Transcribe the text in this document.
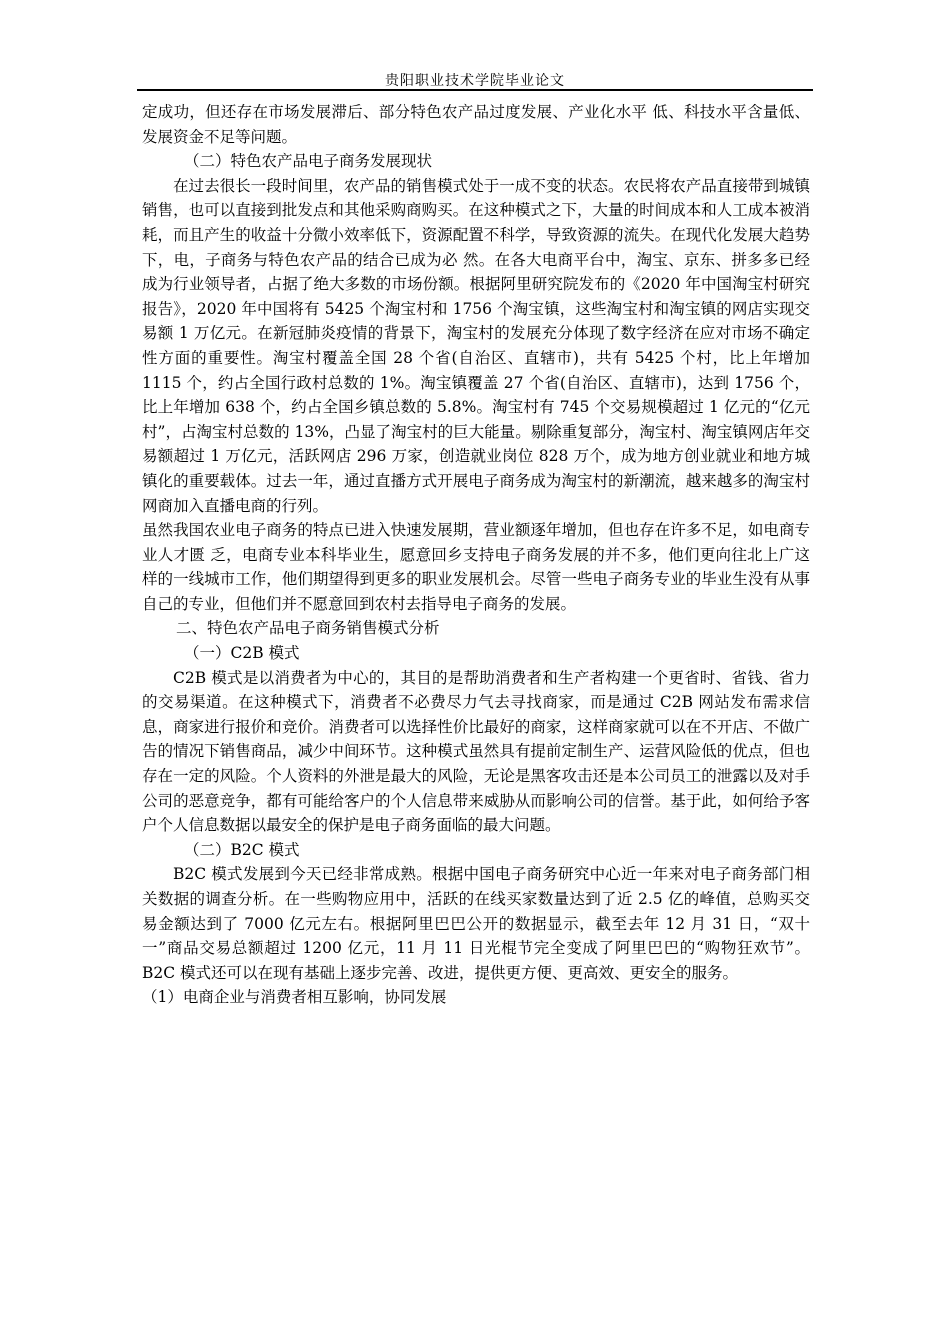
贵阳职业技术学院毕业论文

定成功，但还存在市场发展滞后、部分特色农产品过度发展、产业化水平 低、科技水平含量低、发展资金不足等问题。

（二）特色农产品电子商务发展现状

在过去很长一段时间里，农产品的销售模式处于一成不变的状态。农民将农产品直接带到城镇销售，也可以直接到批发点和其他采购商购买。在这种模式之下，大量的时间成本和人工成本被消耗，而且产生的收益十分微小效率低下，资源配置不科学，导致资源的流失。在现代化发展大趋势下，电，子商务与特色农产品的结合已成为必 然。在各大电商平台中，淘宝、京东、拼多多已经成为行业领导者，占据了绝大多数的市场份额。根据阿里研究院发布的《2020 年中国淘宝村研究报告》，2020 年中国将有 5425 个淘宝村和 1756 个淘宝镇，这些淘宝村和淘宝镇的网店实现交易额 1 万亿元。在新冠肺炎疫情的背景下，淘宝村的发展充分体现了数字经济在应对市场不确定性方面的重要性。淘宝村覆盖全国 28 个省(自治区、直辖市)，共有 5425 个村，比上年增加 1115 个，约占全国行政村总数的 1%。淘宝镇覆盖 27 个省(自治区、直辖市)，达到 1756 个，比上年增加 638 个，约占全国乡镇总数的 5.8%。淘宝村有 745 个交易规模超过 1 亿元的“亿元村”，占淘宝村总数的 13%，凸显了淘宝村的巨大能量。剔除重复部分，淘宝村、淘宝镇网店年交易额超过 1 万亿元，活跃网店 296 万家，创造就业岗位 828 万个，成为地方创业就业和地方城镇化的重要载体。过去一年，通过直播方式开展电子商务成为淘宝村的新潮流，越来越多的淘宝村网商加入直播电商的行列。

虽然我国农业电子商务的特点已进入快速发展期，营业额逐年增加，但也存在许多不足，如电商专业人才匮 乏，电商专业本科毕业生，愿意回乡支持电子商务发展的并不多，他们更向往北上广这样的一线城市工作，他们期望得到更多的职业发展机会。尽管一些电子商务专业的毕业生没有从事自己的专业，但他们并不愿意回到农村去指导电子商务的发展。

二、特色农产品电子商务销售模式分析

（一）C2B 模式

C2B 模式是以消费者为中心的，其目的是帮助消费者和生产者构建一个更省时、省钱、省力的交易渠道。在这种模式下，消费者不必费尽力气去寻找商家，而是通过 C2B 网站发布需求信息，商家进行报价和竞价。消费者可以选择性价比最好的商家，这样商家就可以在不开店、不做广告的情况下销售商品，减少中间环节。这种模式虽然具有提前定制生产、运营风险低的优点，但也存在一定的风险。个人资料的外泄是最大的风险，无论是黑客攻击还是本公司员工的泄露以及对手公司的恶意竞争，都有可能给客户的个人信息带来威胁从而影响公司的信誉。基于此，如何给予客户个人信息数据以最安全的保护是电子商务面临的最大问题。

（二）B2C 模式

B2C 模式发展到今天已经非常成熟。根据中国电子商务研究中心近一年来对电子商务部门相关数据的调查分析。在一些购物应用中，活跃的在线买家数量达到了近 2.5 亿的峰值，总购买交易金额达到了 7000 亿元左右。根据阿里巴巴公开的数据显示，截至去年 12 月 31 日，“双十一”商品交易总额超过 1200 亿元，11 月 11 日光棍节完全变成了阿里巴巴的“购物狂欢节”。B2C 模式还可以在现有基础上逐步完善、改进，提供更方便、更高效、更安全的服务。

（1）电商企业与消费者相互影响，协同发展
